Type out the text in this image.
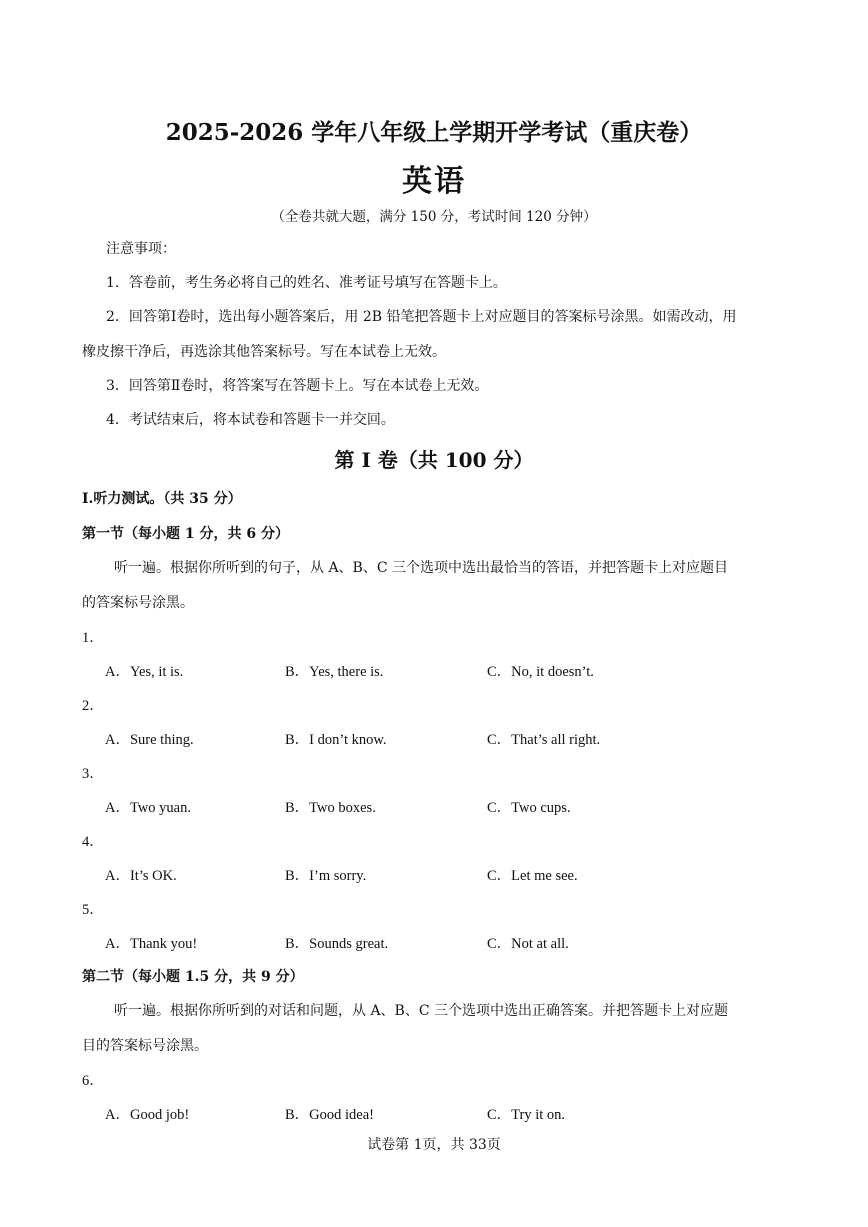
2025-2026 学年八年级上学期开学考试（重庆卷）
英语
（全卷共就大题，满分 150 分，考试时间 120 分钟）
注意事项：
1．答卷前，考生务必将自己的姓名、准考证号填写在答题卡上。
2．回答第Ⅰ卷时，选出每小题答案后，用 2B 铅笔把答题卡上对应题目的答案标号涂黑。如需改动，用
橡皮擦干净后，再选涂其他答案标号。写在本试卷上无效。
3．回答第Ⅱ卷时，将答案写在答题卡上。写在本试卷上无效。
4．考试结束后，将本试卷和答题卡一并交回。
第 I 卷（共 100 分）
I.听力测试。（共 35 分）
第一节（每小题 1 分，共 6 分）
听一遍。根据你所听到的句子，从 A、B、C 三个选项中选出最恰当的答语，并把答题卡上对应题目
的答案标号涂黑。
1．
A．Yes, it is.	B．Yes, there is.	C．No, it doesn’t.
2．
A．Sure thing.	B．I don’t know.	C．That’s all right.
3．
A．Two yuan.	B．Two boxes.	C．Two cups.
4．
A．It’s OK.	B．I’m sorry.	C．Let me see.
5．
A．Thank you!	B．Sounds great.	C．Not at all.
第二节（每小题 1.5 分，共 9 分）
听一遍。根据你所听到的对话和问题，从 A、B、C 三个选项中选出正确答案。并把答题卡上对应题
目的答案标号涂黑。
6．
A．Good job!	B．Good idea!	C．Try it on.
试卷第 1页，共 33页
